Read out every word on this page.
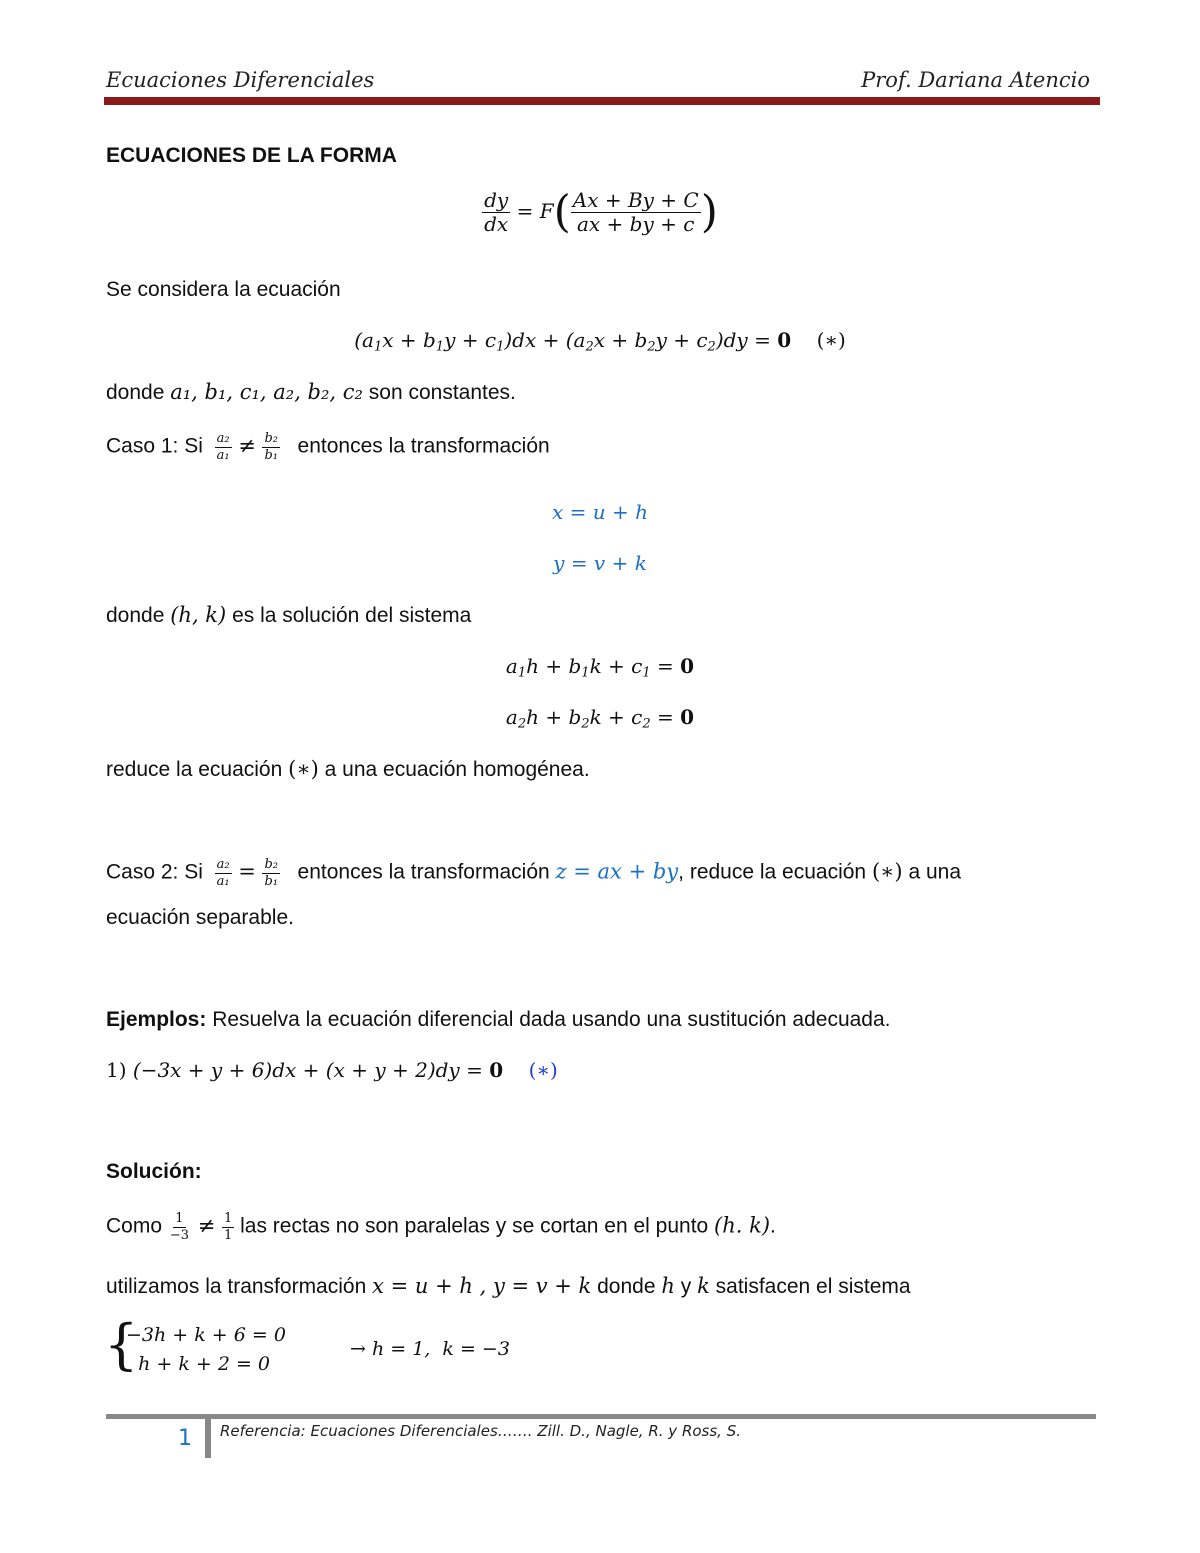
Ecuaciones Diferenciales	Prof. Dariana Atencio
ECUACIONES DE LA FORMA
$\frac{dy}{dx} = F( \frac{Ax + By + C}{ax + by + c}$ )
Se considera la ecuación
$(a_1x + b_1y + c_1)dx + (a_2x + b_2y + c_2)dy = 0$ (∗)
donde a₁, b₁, c₁, a₂, b₂, c₂ son constantes.
Caso 1: Si $\frac{\text{a₂}}{\text{a₁}} \ne \frac{\text{b₂}}{\text{b₁}}$ entonces la transformación
x = u + h
y = v + k
donde (h, k) es la solución del sistema
$a_1h + b_1k + c_1 = 0$
$a_2h + b_2k + c_2 = 0$
reduce la ecuación (∗) a una ecuación homogénea.
Caso 2: Si $\frac{\text{a₂}}{\text{a₁}} = \frac{\text{b₂}}{\text{b₁}}$ entonces la transformación z = ax + by, reduce la ecuación (∗) a una
ecuación separable.
Ejemplos: Resuelva la ecuación diferencial dada usando una sustitución adecuada.
1) (−3x + y + 6)dx + (x + y + 2)dy = 0 (∗)
Solución:
Como $\frac{1}{-3} \ne \frac{1}{1}$ las rectas no son paralelas y se cortan en el punto (h. k).
utilizamos la transformación x = u + h , y = v + k donde h y k satisfacen el sistema
{
−3h + k + 6 = 0
h + k + 2 = 0
→ h = 1,  k = −3
1 Referencia: Ecuaciones Diferenciales……. Zill. D., Nagle, R. y Ross, S.
